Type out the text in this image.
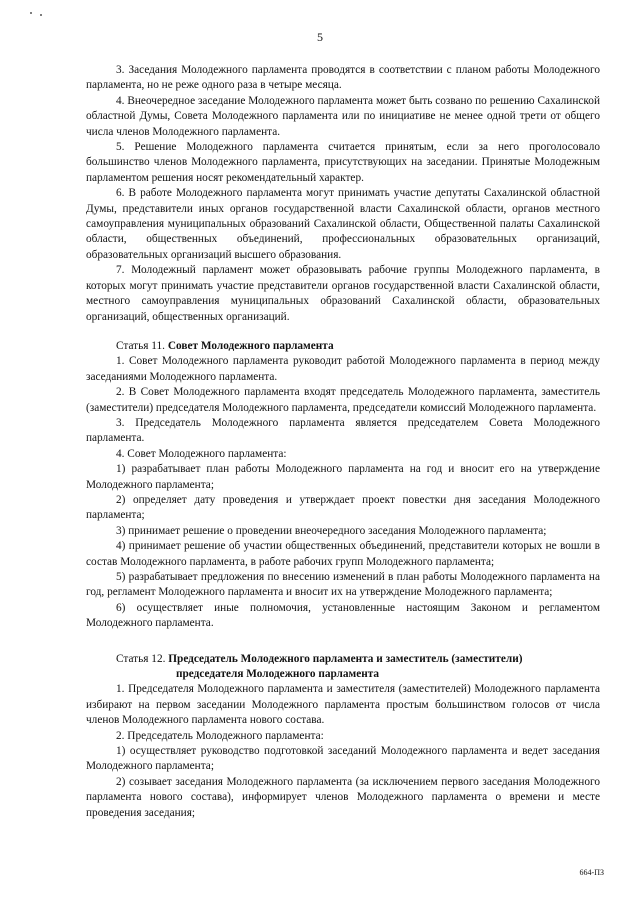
5

3. Заседания Молодежного парламента проводятся в соответствии с планом работы Молодежного парламента, но не реже одного раза в четыре месяца.

4. Внеочередное заседание Молодежного парламента может быть созвано по решению Сахалинской областной Думы, Совета Молодежного парламента или по инициативе не менее одной трети от общего числа членов Молодежного парламента.

5. Решение Молодежного парламента считается принятым, если за него проголосовало большинство членов Молодежного парламента, присутствующих на заседании. Принятые Молодежным парламентом решения носят рекомендательный характер.

6. В работе Молодежного парламента могут принимать участие депутаты Сахалинской областной Думы, представители иных органов государственной власти Сахалинской области, органов местного самоуправления муниципальных образований Сахалинской области, Общественной палаты Сахалинской области, общественных объединений, профессиональных образовательных организаций, образовательных организаций высшего образования.

7. Молодежный парламент может образовывать рабочие группы Молодежного парламента, в которых могут принимать участие представители органов государственной власти Сахалинской области, местного самоуправления муниципальных образований Сахалинской области, образовательных организаций, общественных организаций.

Статья 11. Совет Молодежного парламента

1. Совет Молодежного парламента руководит работой Молодежного парламента в период между заседаниями Молодежного парламента.

2. В Совет Молодежного парламента входят председатель Молодежного парламента, заместитель (заместители) председателя Молодежного парламента, председатели комиссий Молодежного парламента.

3. Председатель Молодежного парламента является председателем Совета Молодежного парламента.

4. Совет Молодежного парламента:

1) разрабатывает план работы Молодежного парламента на год и вносит его на утверждение Молодежного парламента;

2) определяет дату проведения и утверждает проект повестки дня заседания Молодежного парламента;

3) принимает решение о проведении внеочередного заседания Молодежного парламента;

4) принимает решение об участии общественных объединений, представители которых не вошли в состав Молодежного парламента, в работе рабочих групп Молодежного парламента;

5) разрабатывает предложения по внесению изменений в план работы Молодежного парламента на год, регламент Молодежного парламента и вносит их на утверждение Молодежного парламента;

6) осуществляет иные полномочия, установленные настоящим Законом и регламентом Молодежного парламента.

Статья 12. Председатель Молодежного парламента и заместитель (заместители)
председателя Молодежного парламента

1. Председателя Молодежного парламента и заместителя (заместителей) Молодежного парламента избирают на первом заседании Молодежного парламента простым большинством голосов от числа членов Молодежного парламента нового состава.

2. Председатель Молодежного парламента:

1) осуществляет руководство подготовкой заседаний Молодежного парламента и ведет заседания Молодежного парламента;

2) созывает заседания Молодежного парламента (за исключением первого заседания Молодежного парламента нового состава), информирует членов Молодежного парламента о времени и месте проведения заседания;

664-ПЗ
